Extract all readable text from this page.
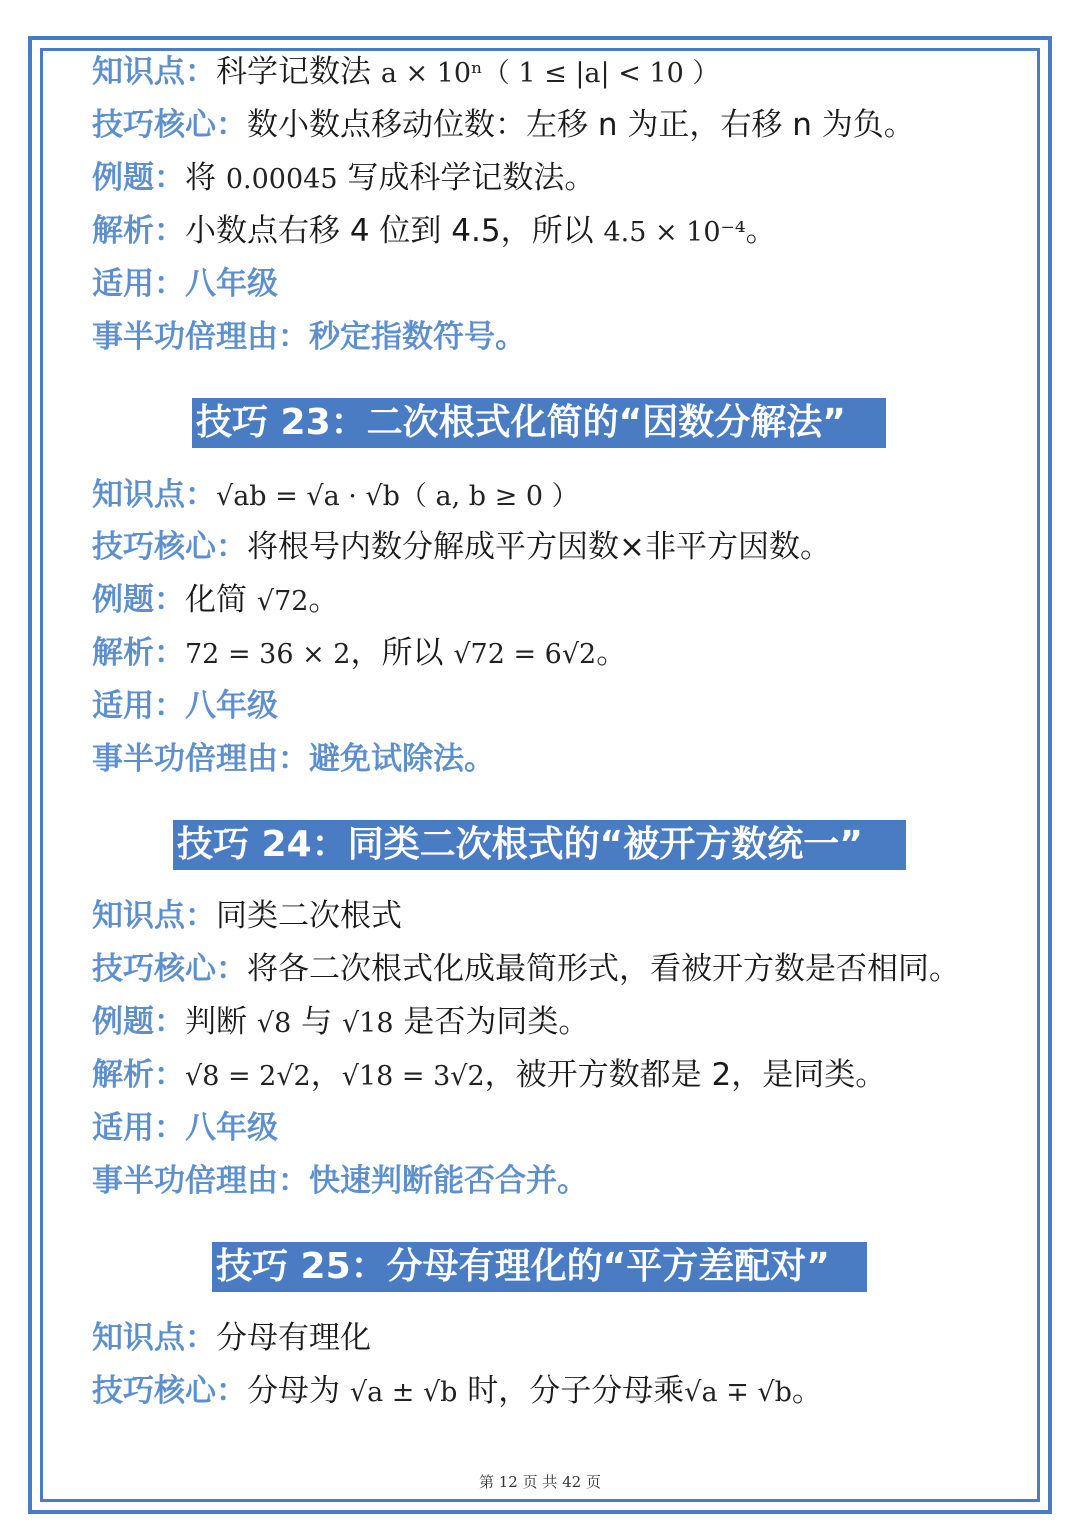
知识点：科学记数法 a × 10ⁿ（ 1 ≤ |a| < 10 ）
技巧核心：数小数点移动位数：左移 n 为正，右移 n 为负。
例题：将 0.00045 写成科学记数法。
解析：小数点右移 4 位到 4.5，所以 4.5 × 10⁻⁴。
适用：八年级
事半功倍理由：秒定指数符号。
技巧 23：二次根式化简的“因数分解法”
知识点：√ab = √a · √b（ a, b ≥ 0 ）
技巧核心：将根号内数分解成平方因数×非平方因数。
例题：化简 √72。
解析：72 = 36 × 2，所以 √72 = 6√2。
适用：八年级
事半功倍理由：避免试除法。
技巧 24：同类二次根式的“被开方数统一”
知识点：同类二次根式
技巧核心：将各二次根式化成最简形式，看被开方数是否相同。
例题：判断 √8 与 √18 是否为同类。
解析：√8 = 2√2，√18 = 3√2，被开方数都是 2，是同类。
适用：八年级
事半功倍理由：快速判断能否合并。
技巧 25：分母有理化的“平方差配对”
知识点：分母有理化
技巧核心：分母为 √a ± √b 时，分子分母乘√a ∓ √b。
第 12 页 共 42 页
